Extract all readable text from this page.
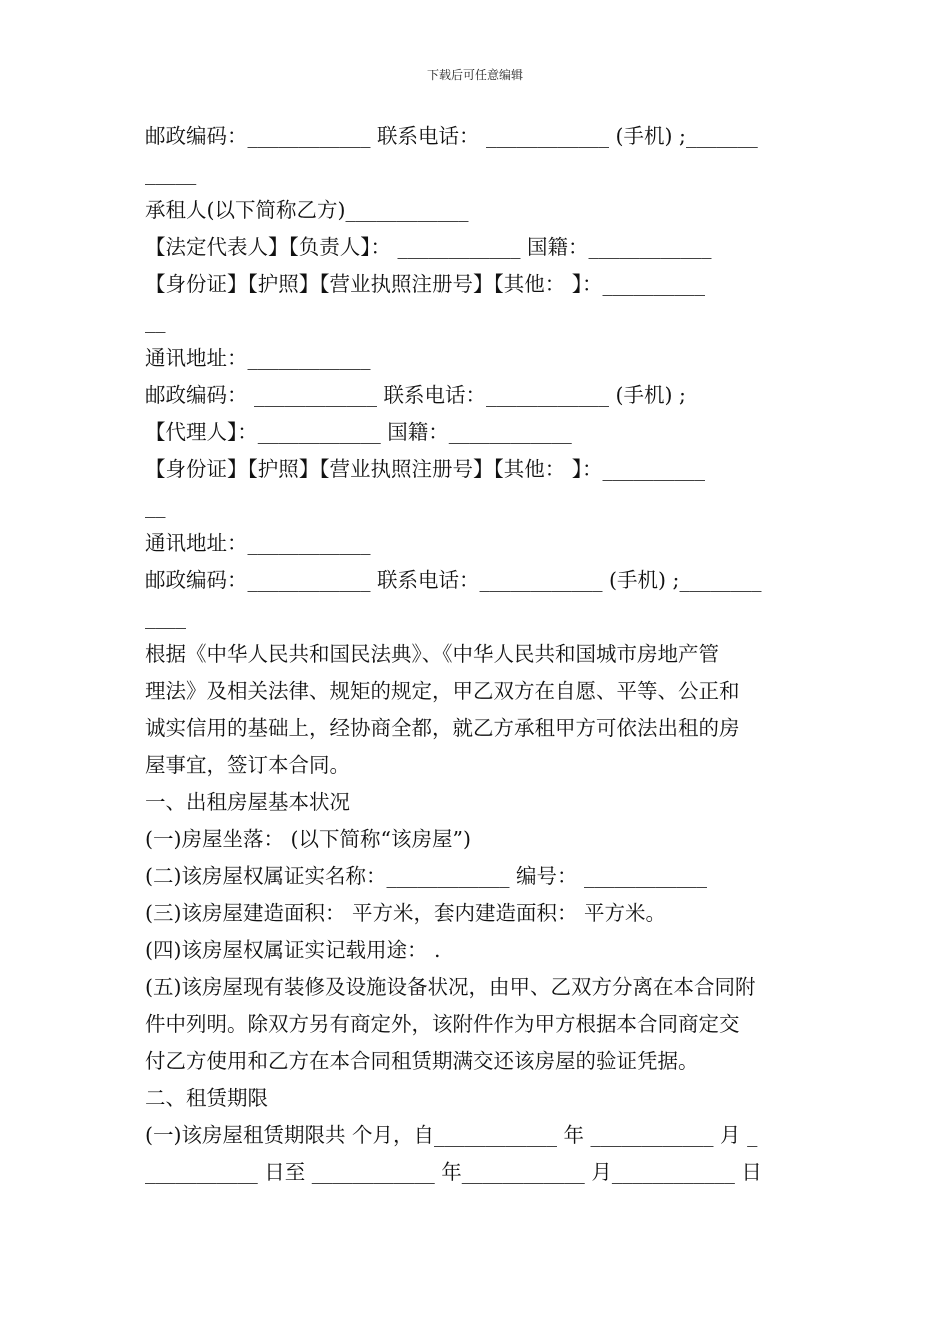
下载后可任意编辑
邮政编码：____________ 联系电话： ____________ (手机) ;_______
_____
承租人(以下简称乙方)____________
【法定代表人】【负责人】： ____________ 国籍：____________
【身份证】【护照】【营业执照注册号】【其他： 】：__________
__
通讯地址：____________
邮政编码： ____________ 联系电话：____________ (手机) ;
【代理人】：____________ 国籍：____________
【身份证】【护照】【营业执照注册号】【其他： 】：__________
__
通讯地址：____________
邮政编码：____________ 联系电话：____________ (手机) ;________
____
根据《中华人民共和国民法典》、《中华人民共和国城市房地产管
理法》及相关法律、规矩的规定，甲乙双方在自愿、平等、公正和
诚实信用的基础上，经协商全都，就乙方承租甲方可依法出租的房
屋事宜，签订本合同。
一、出租房屋基本状况
(一)房屋坐落： (以下简称“该房屋”)
(二)该房屋权属证实名称：____________ 编号： ____________
(三)该房屋建造面积： 平方米，套内建造面积： 平方米。
(四)该房屋权属证实记载用途： .
(五)该房屋现有装修及设施设备状况，由甲、乙双方分离在本合同附
件中列明。除双方另有商定外，该附件作为甲方根据本合同商定交
付乙方使用和乙方在本合同租赁期满交还该房屋的验证凭据。
二、租赁期限
(一)该房屋租赁期限共 个月，自____________ 年 ____________ 月 _
___________ 日至 ____________ 年____________ 月____________ 日
